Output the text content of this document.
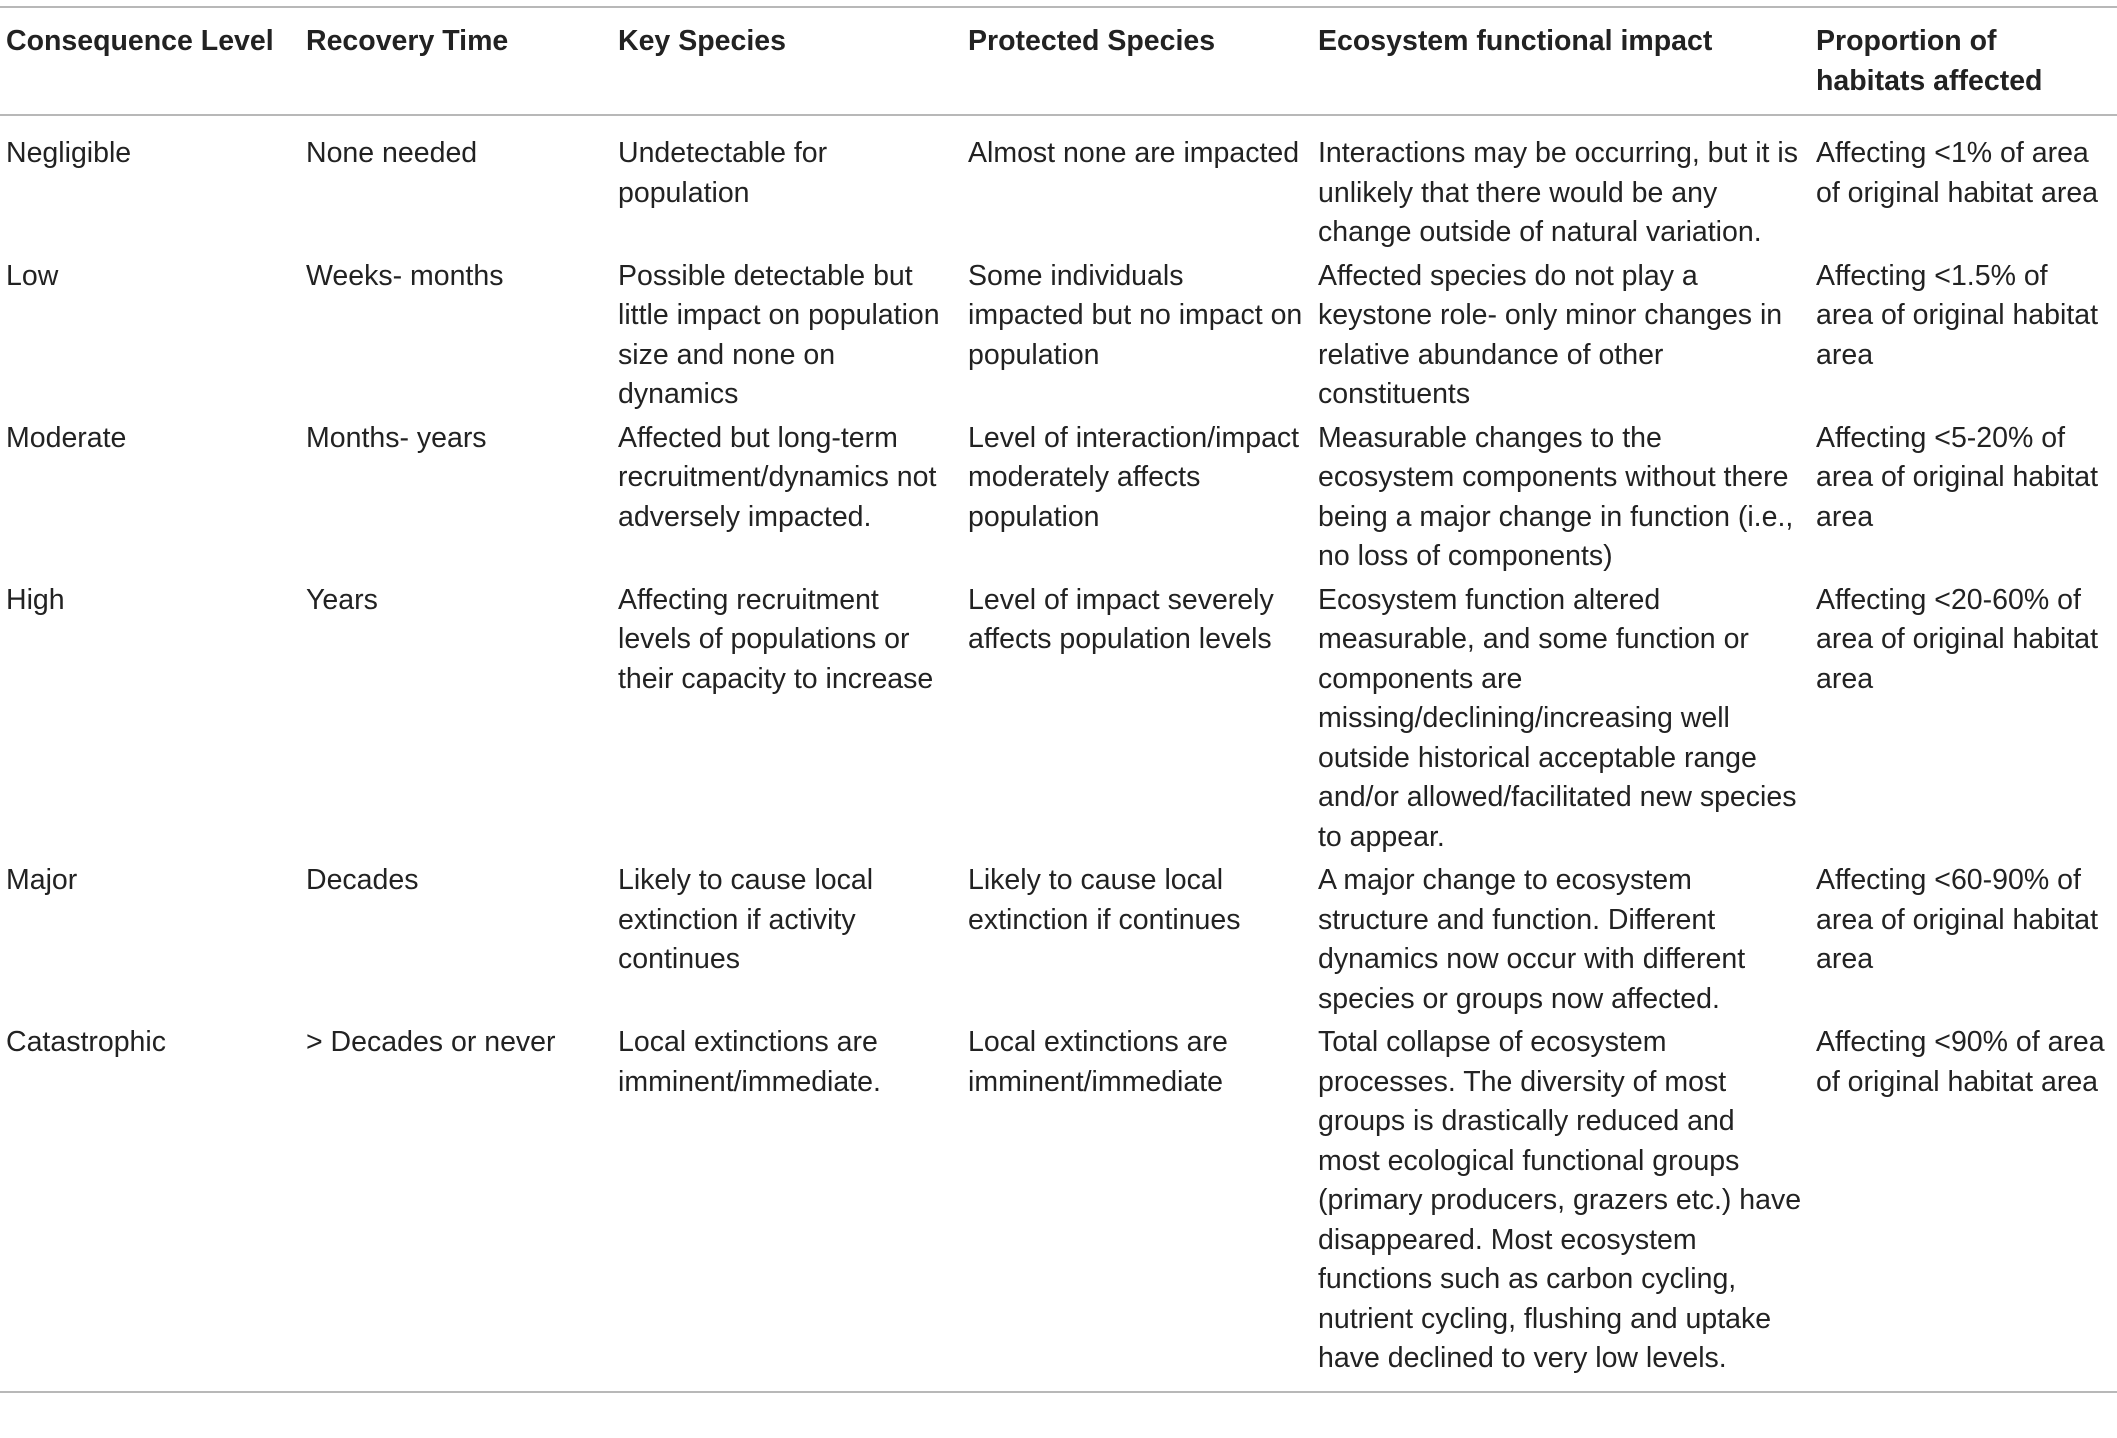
Consequence Level	Recovery Time	Key Species	Protected Species	Ecosystem functional impact	Proportion of habitats affected
Negligible	None needed	Undetectable for population	Almost none are impacted	Interactions may be occurring, but it is unlikely that there would be any change outside of natural variation.	Affecting <1% of area of original habitat area
Low	Weeks- months	Possible detectable but little impact on population size and none on dynamics	Some individuals impacted but no impact on population	Affected species do not play a keystone role- only minor changes in relative abundance of other constituents	Affecting <1.5% of area of original habitat area
Moderate	Months- years	Affected but long-term recruitment/dynamics not adversely impacted.	Level of interaction/impact moderately affects population	Measurable changes to the ecosystem components without there being a major change in function (i.e., no loss of components)	Affecting <5-20% of area of original habitat area
High	Years	Affecting recruitment levels of populations or their capacity to increase	Level of impact severely affects population levels	Ecosystem function altered measurable, and some function or components are missing/declining/increasing well outside historical acceptable range and/or allowed/facilitated new species to appear.	Affecting <20-60% of area of original habitat area
Major	Decades	Likely to cause local extinction if activity continues	Likely to cause local extinction if continues	A major change to ecosystem structure and function. Different dynamics now occur with different species or groups now affected.	Affecting <60-90% of area of original habitat area
Catastrophic	> Decades or never	Local extinctions are imminent/immediate.	Local extinctions are imminent/immediate	Total collapse of ecosystem processes. The diversity of most groups is drastically reduced and most ecological functional groups (primary producers, grazers etc.) have disappeared. Most ecosystem functions such as carbon cycling, nutrient cycling, flushing and uptake have declined to very low levels.	Affecting <90% of area of original habitat area
